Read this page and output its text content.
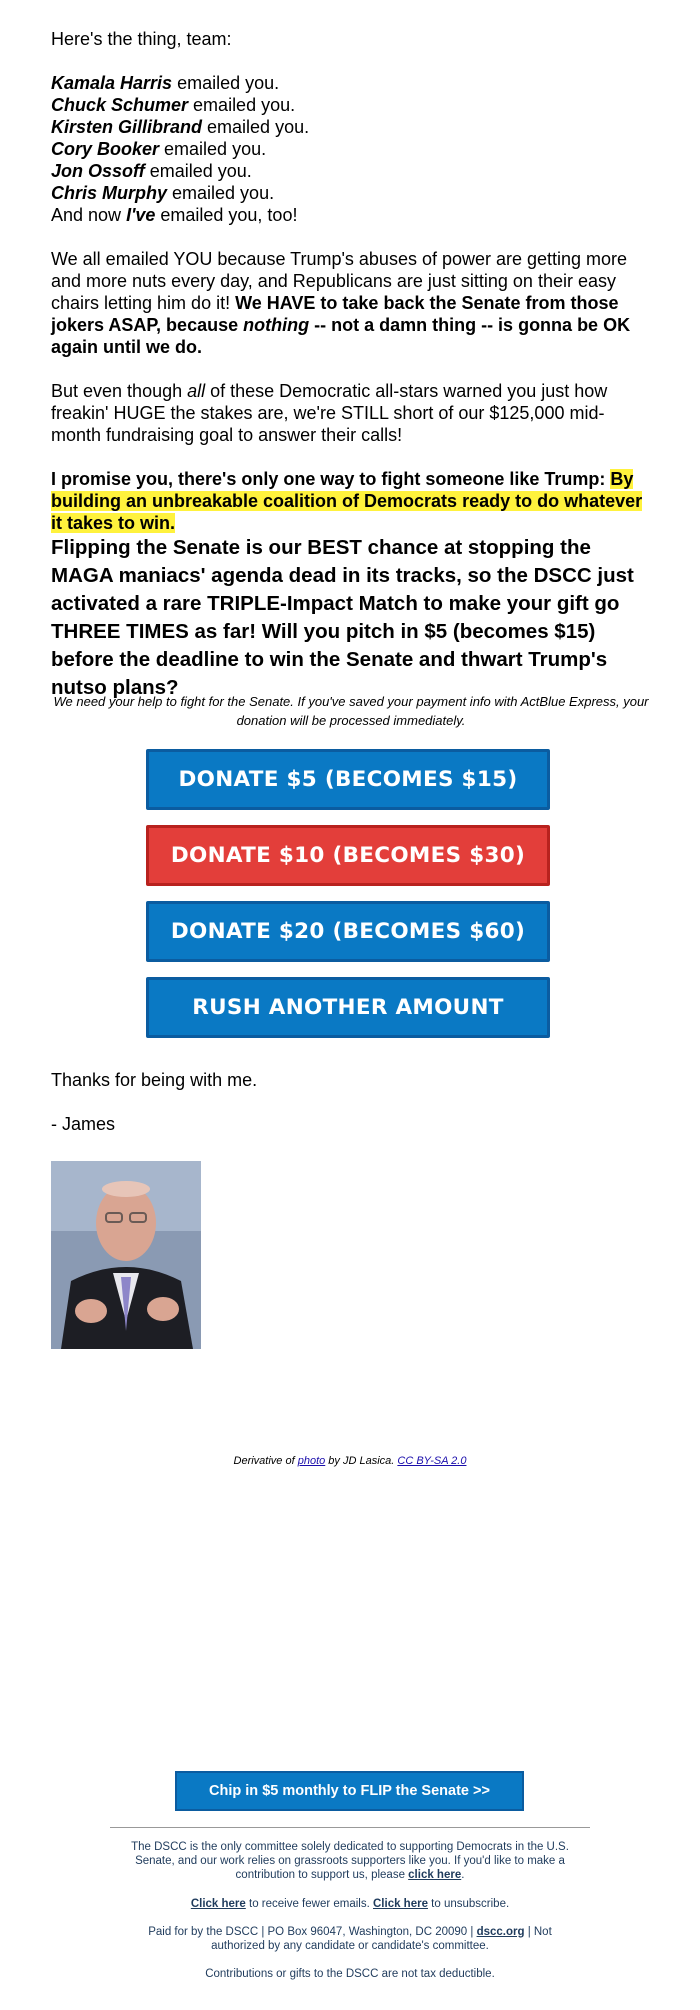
Here's the thing, team:

Kamala Harris emailed you.

Chuck Schumer emailed you.

Kirsten Gillibrand emailed you.

Cory Booker emailed you.

Jon Ossoff emailed you.

Chris Murphy emailed you.

And now I've emailed you, too!

We all emailed YOU because Trump's abuses of power are getting more and more nuts every day, and Republicans are just sitting on their easy chairs letting him do it! We HAVE to take back the Senate from those jokers ASAP, because nothing -- not a damn thing -- is gonna be OK again until we do.

But even though all of these Democratic all-stars warned you just how freakin' HUGE the stakes are, we're STILL short of our $125,000 mid-month fundraising goal to answer their calls!

I promise you, there's only one way to fight someone like Trump: By building an unbreakable coalition of Democrats ready to do whatever it takes to win.

Flipping the Senate is our BEST chance at stopping the MAGA maniacs' agenda dead in its tracks, so the DSCC just activated a rare TRIPLE-Impact Match to make your gift go THREE TIMES as far! Will you pitch in $5 (becomes $15) before the deadline to win the Senate and thwart Trump's nutso plans?

We need your help to fight for the Senate. If you've saved your payment info with ActBlue Express, your donation will be processed immediately.
DONATE $5 (BECOMES $15)
DONATE $10 (BECOMES $30)
DONATE $20 (BECOMES $60)
RUSH ANOTHER AMOUNT
Thanks for being with me.
- James
Derivative of photo by JD Lasica. CC BY-SA 2.0
Chip in $5 monthly to FLIP the Senate >>
The DSCC is the only committee solely dedicated to supporting Democrats in the U.S. Senate, and our work relies on grassroots supporters like you. If you'd like to make a contribution to support us, please click here.
Click here to receive fewer emails. Click here to unsubscribe.
Paid for by the DSCC | PO Box 96047, Washington, DC 20090 | dscc.org | Not authorized by any candidate or candidate's committee.
Contributions or gifts to the DSCC are not tax deductible.
